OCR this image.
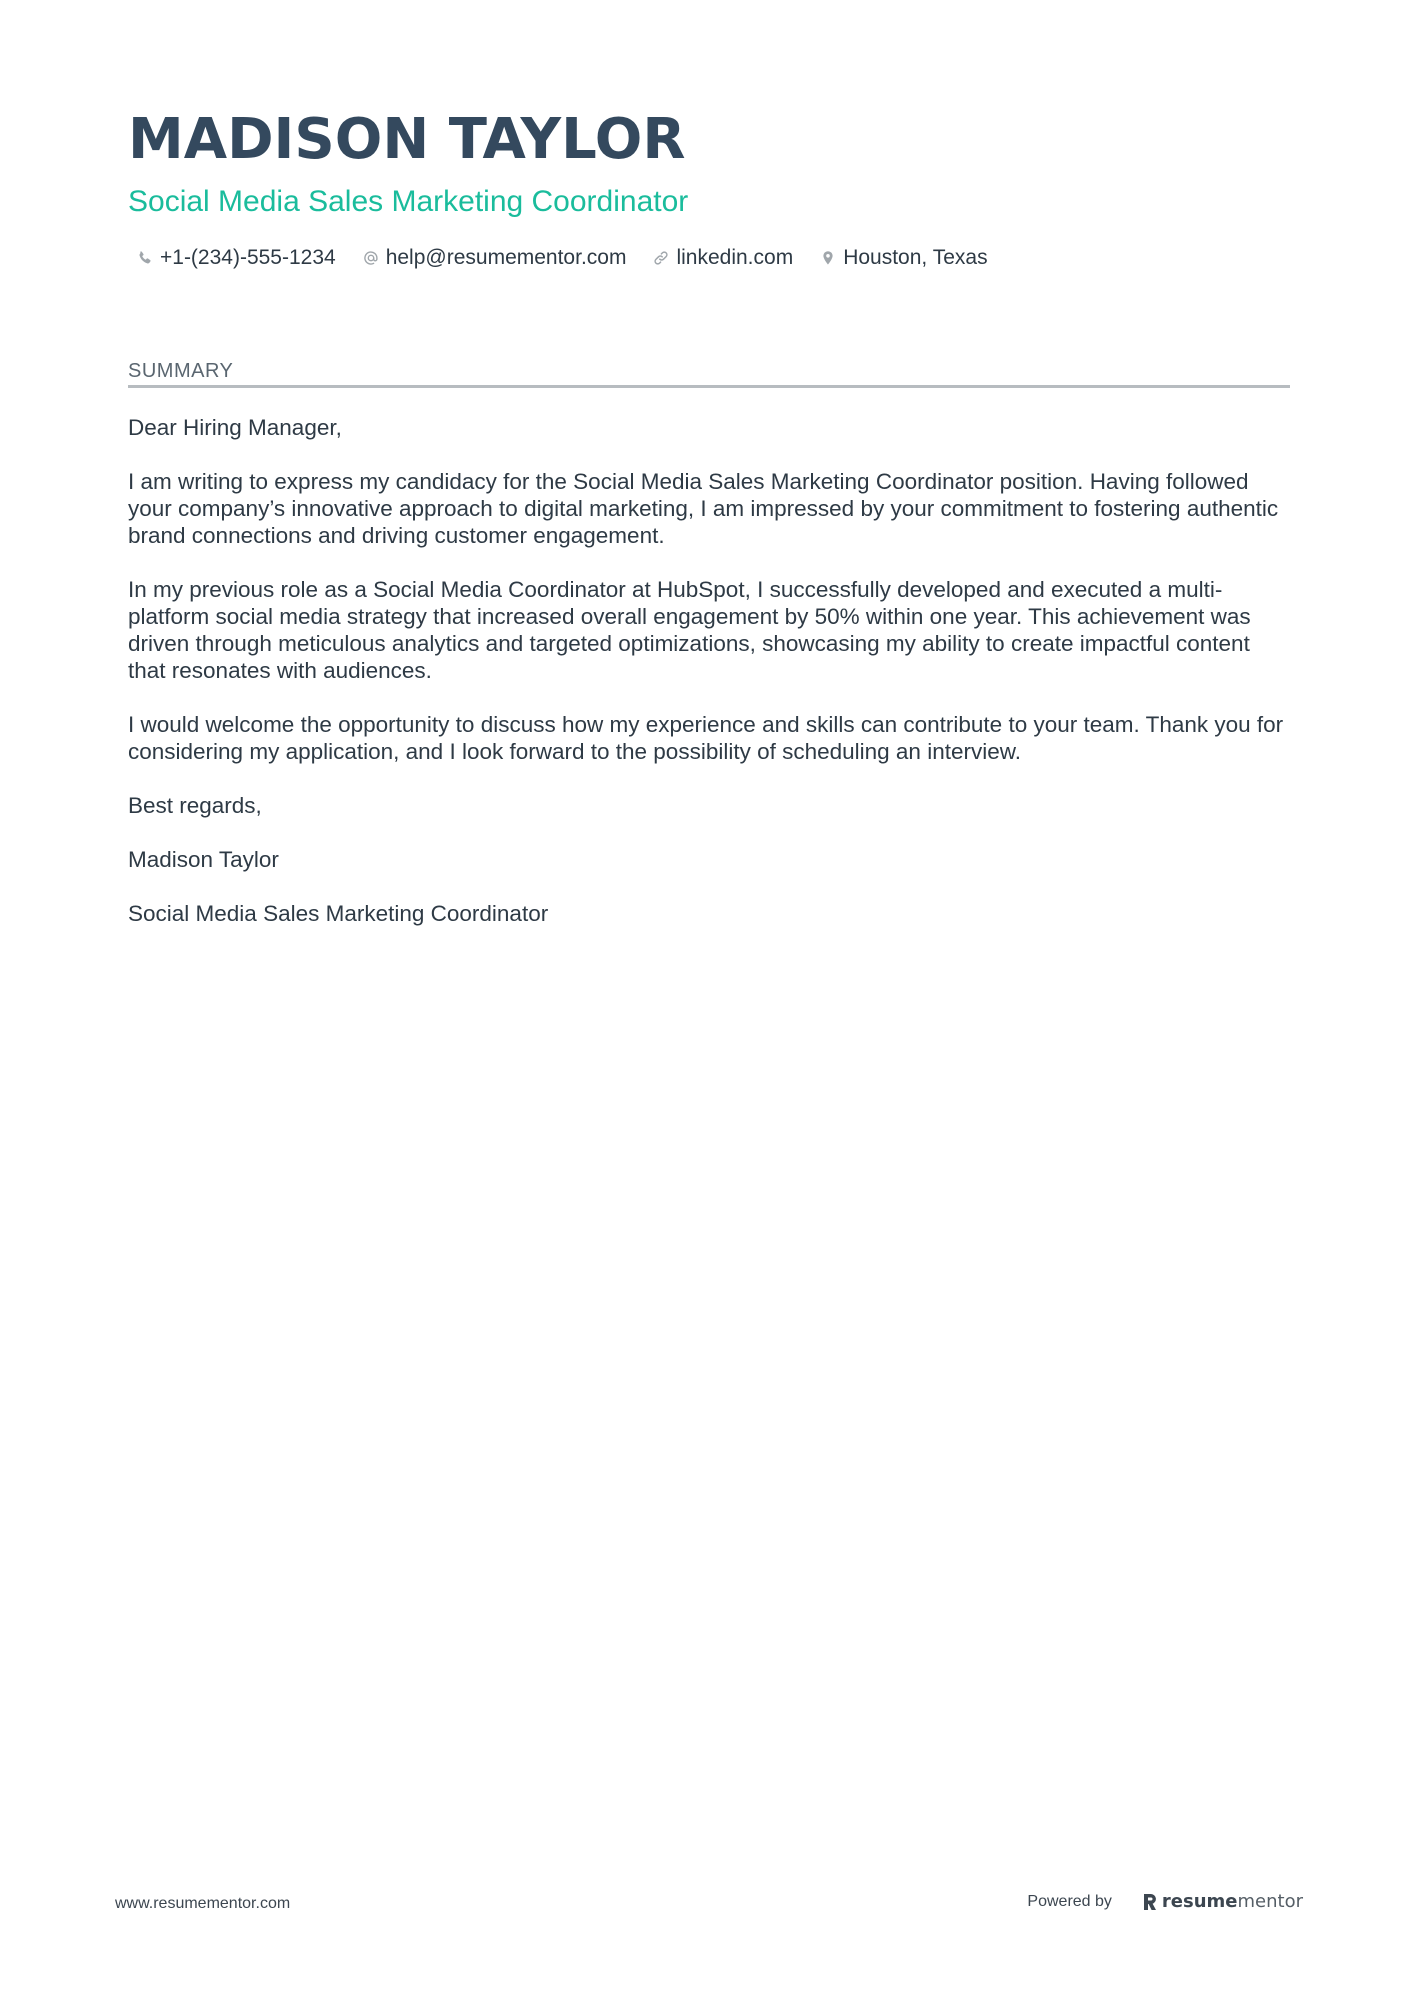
MADISON TAYLOR
Social Media Sales Marketing Coordinator
+1-(234)-555-1234 help@resumementor.com linkedin.com Houston, Texas
SUMMARY

Dear Hiring Manager,

I am writing to express my candidacy for the Social Media Sales Marketing Coordinator position. Having followed your company’s innovative approach to digital marketing, I am impressed by your commitment to fostering authentic brand connections and driving customer engagement.

In my previous role as a Social Media Coordinator at HubSpot, I successfully developed and executed a multi-platform social media strategy that increased overall engagement by 50% within one year. This achievement was driven through meticulous analytics and targeted optimizations, showcasing my ability to create impactful content that resonates with audiences.

I would welcome the opportunity to discuss how my experience and skills can contribute to your team. Thank you for considering my application, and I look forward to the possibility of scheduling an interview.

Best regards,

Madison Taylor

Social Media Sales Marketing Coordinator

www.resumementor.com	Powered by	resumementor
